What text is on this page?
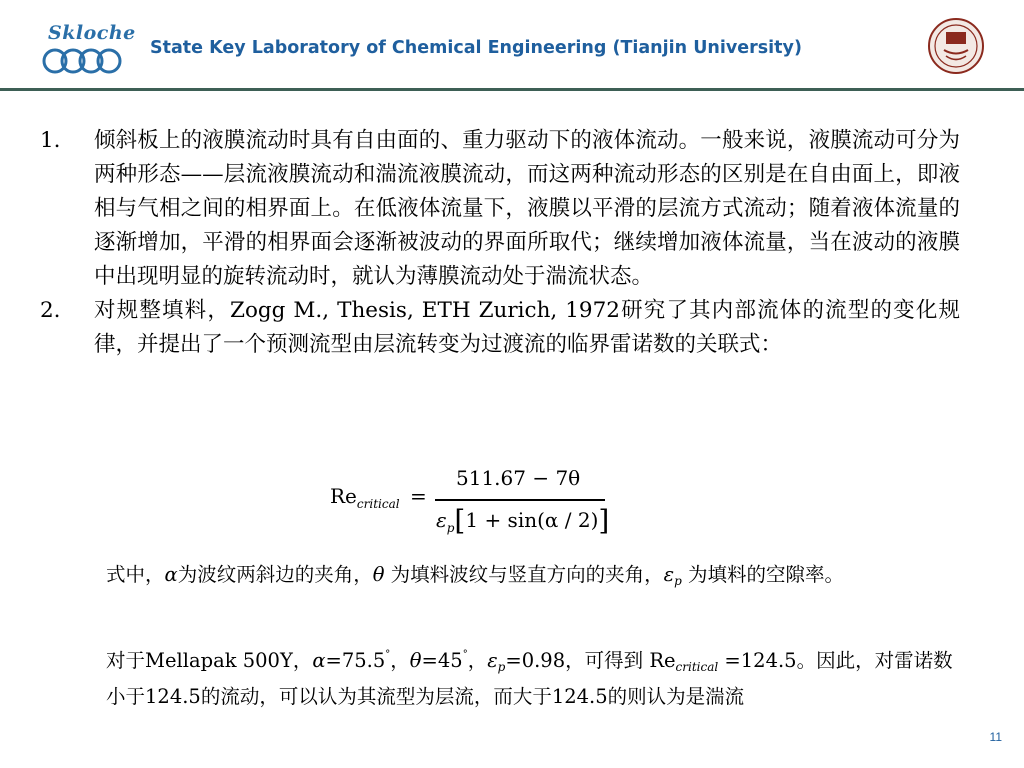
Skloche
State Key Laboratory of Chemical Engineering (Tianjin University)
1.	倾斜板上的液膜流动时具有自由面的、重力驱动下的液体流动。一般来说，液膜流动可分为两种形态——层流液膜流动和湍流液膜流动，而这两种流动形态的区别是在自由面上，即液相与气相之间的相界面上。在低液体流量下，液膜以平滑的层流方式流动；随着液体流量的逐渐增加，平滑的相界面会逐渐被波动的界面所取代；继续增加液体流量，当在波动的液膜中出现明显的旋转流动时，就认为薄膜流动处于湍流状态。
2.	对规整填料，Zogg M., Thesis, ETH Zurich, 1972研究了其内部流体的流型的变化规律，并提出了一个预测流型由层流转变为过渡流的临界雷诺数的关联式：
$Re_{critical}$ =
511.67 − 7θ
$\varepsilon_p[1 + \sin(\alpha / 2)]$
式中，α为波纹两斜边的夹角，θ 为填料波纹与竖直方向的夹角，$\varepsilon_p$ 为填料的空隙率。
对于Mellapak 500Y，α=75.5°，θ=45°，$\varepsilon_p=0.98$，可得到 $Re_{critical} =124.5$。因此，对雷诺数小于124.5的流动，可以认为其流型为层流，而大于124.5的则认为是湍流
11
